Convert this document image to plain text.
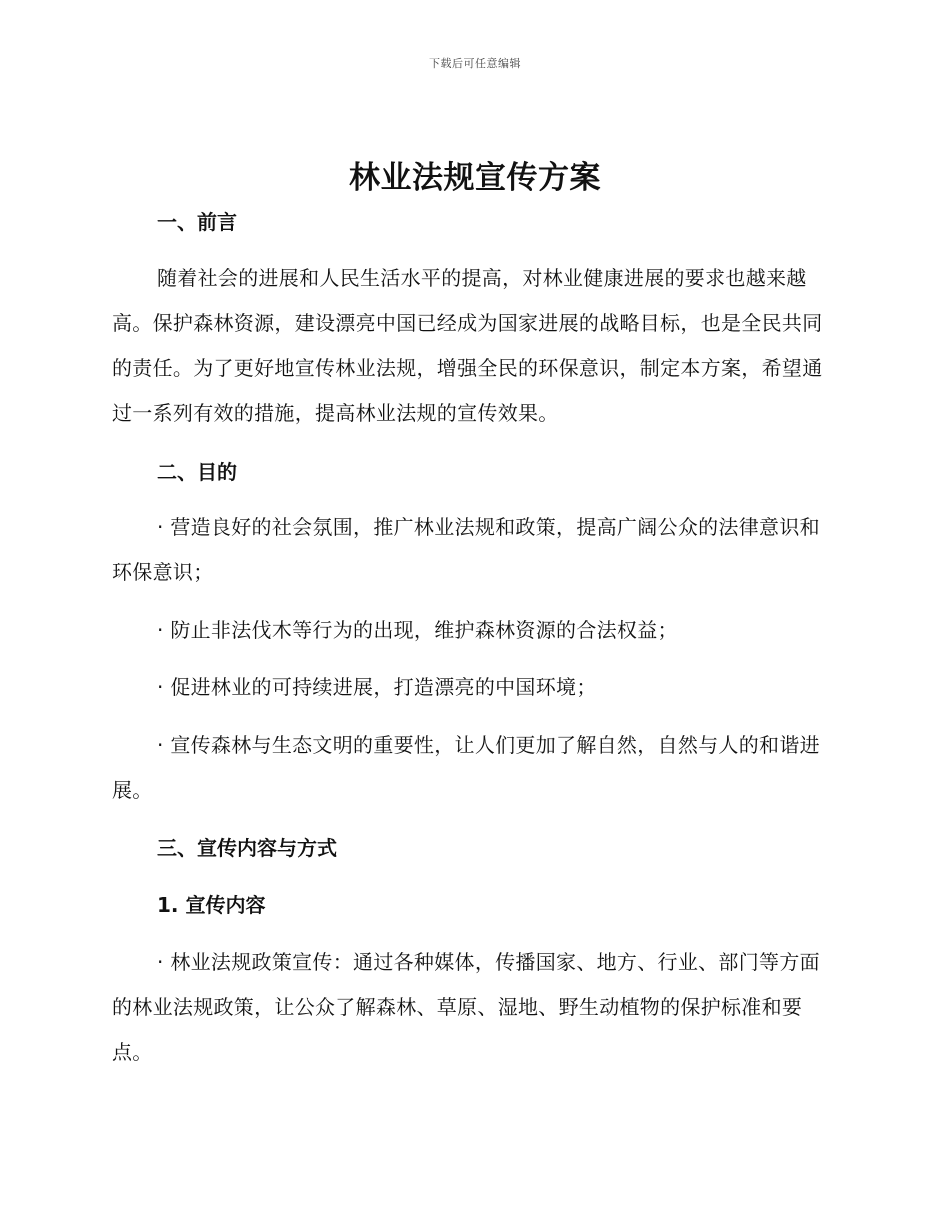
下载后可任意编辑
林业法规宣传方案
一、前言
随着社会的进展和人民生活水平的提高，对林业健康进展的要求也越来越高。保护森林资源，建设漂亮中国已经成为国家进展的战略目标，也是全民共同的责任。为了更好地宣传林业法规，增强全民的环保意识，制定本方案，希望通过一系列有效的措施，提高林业法规的宣传效果。
二、目的
· 营造良好的社会氛围，推广林业法规和政策，提高广阔公众的法律意识和环保意识；
· 防止非法伐木等行为的出现，维护森林资源的合法权益；
· 促进林业的可持续进展，打造漂亮的中国环境；
· 宣传森林与生态文明的重要性，让人们更加了解自然，自然与人的和谐进展。
三、宣传内容与方式
1. 宣传内容
· 林业法规政策宣传：通过各种媒体，传播国家、地方、行业、部门等方面的林业法规政策，让公众了解森林、草原、湿地、野生动植物的保护标准和要点。
